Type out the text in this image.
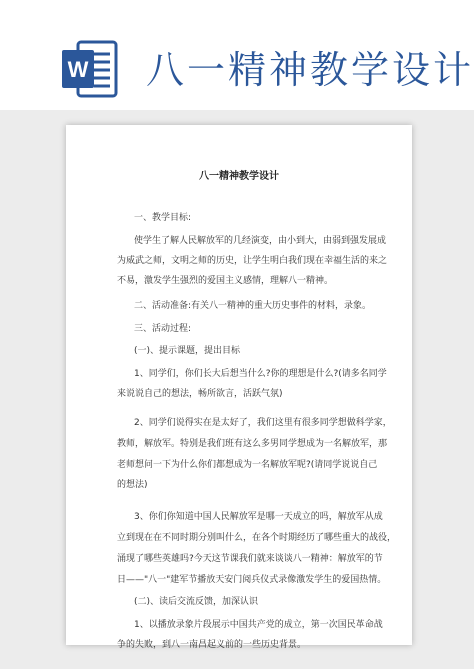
W 八一精神教学设计
八一精神教学设计
一、教学目标:
使学生了解人民解放军的几经演变，由小到大，由弱到强发展成
为威武之师，文明之师的历史，让学生明白我们现在幸福生活的来之
不易，激发学生强烈的爱国主义感情，理解八一精神。
二、活动准备:有关八一精神的重大历史事件的材料，录象。
三、活动过程:
(一)、提示课题，提出目标
1、同学们，你们长大后想当什么?你的理想是什么?(请多名同学
来说说自己的想法，畅所欲言，活跃气氛)
2、同学们说得实在是太好了，我们这里有很多同学想做科学家，
教师，解放军。特别是我们班有这么多男同学想成为一名解放军，那
老师想问一下为什么你们都想成为一名解放军呢?(请同学说说自己
的想法)
3、你们你知道中国人民解放军是哪一天成立的吗，解放军从成
立到现在在不同时期分别叫什么，在各个时期经历了哪些重大的战役，
涌现了哪些英雄吗?今天这节课我们就来谈谈八一精神：解放军的节
日——"八一"建军节播放天安门阅兵仪式录像激发学生的爱国热情。
(二)、读后交流反馈，加深认识
1、以播放录象片段展示中国共产党的成立，第一次国民革命战
争的失败，到八一南昌起义前的一些历史背景。
